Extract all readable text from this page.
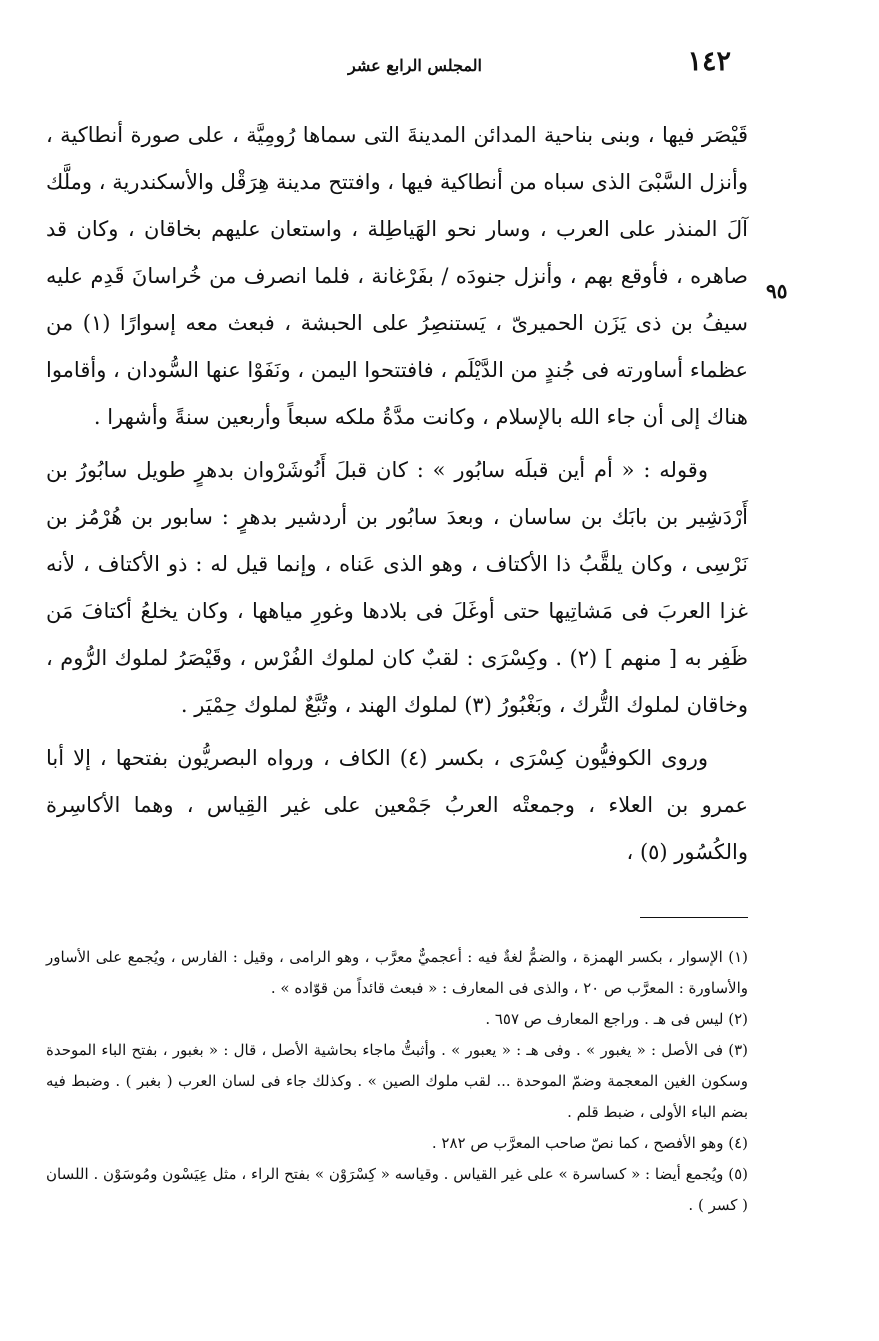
١٤٢
المجلس الرابع عشر
٩٥

قَيْصَر فيها ، وبنى بناحية المدائن المدينةَ التى سماها رُومِيَّة ، على صورة أنطاكية ، وأنزل السَّبْىَ الذى سباه من أنطاكية فيها ، وافتتح مدينة هِرَقْل والأسكندرية ، وملَّك آلَ المنذر على العرب ، وسار نحو الهَياطِلة ، واستعان عليهم بخاقان ، وكان قد صاهره ، فأوقع بهم ، وأنزل جنودَه / بفَرْغانة ، فلما انصرف من خُراسانَ قَدِم عليه سيفُ بن ذى يَزَن الحميرىّ ، يَستنصِرُ على الحبشة ، فبعث معه إسوارًا (١) من عظماء أساورته فى جُندٍ من الدَّيْلَم ، فافتتحوا اليمن ، ونَفَوْا عنها السُّودان ، وأقاموا هناك إلى أن جاء الله بالإسلام ، وكانت مدَّةُ ملكه سبعاً وأربعين سنةً وأشهرا .

وقوله : « أم أين قبلَه سابُور » : كان قبلَ أَنُوشَرْوان بدهرٍ طويل سابُورُ بن أَرْدَشِير بن بابَك بن ساسان ، وبعدَ سابُور بن أردشير بدهرٍ : سابور بن هُرْمُز بن نَرْسِى ، وكان يلقَّبُ ذا الأكتاف ، وهو الذى عَناه ، وإنما قيل له : ذو الأكتاف ، لأنه غزا العربَ فى مَشاتِيها حتى أوغَلَ فى بلادها وغورِ مياهها ، وكان يخلعُ أكتافَ مَن ظَفِر به [ منهم ] (٢) . وكِسْرَى : لقبٌ كان لملوك الفُرْس ، وقَيْصَرُ لملوك الرُّوم ، وخاقان لملوك التُّرك ، وبَغْبُورُ (٣) لملوك الهند ، وتُبَّعٌ لملوك حِمْيَر .

وروى الكوفيُّون كِسْرَى ، بكسر (٤) الكاف ، ورواه البصريُّون بفتحها ، إلا أبا عمرو بن العلاء ، وجمعتْه العربُ جَمْعين على غير القِياس ، وهما الأكاسِرة والكُسُور (٥) ،

(١) الإسوار ، بكسر الهمزة ، والضمُّ لغةٌ فيه : أعجميٌّ معرَّب ، وهو الرامى ، وقيل : الفارس ، ويُجمع على الأساور والأساورة : المعرَّب ص ٢٠ ، والذى فى المعارف : « فبعث قائداً من قوّاده » .

(٢) ليس فى هـ . وراجع المعارف ص ٦٥٧ .

(٣) فى الأصل : « يغبور » . وفى هـ : « يعبور » . وأثبتُّ ماجاء بحاشية الأصل ، قال : « بغبور ، بفتح الباء الموحدة وسكون الغين المعجمة وضمّ الموحدة ... لقب ملوك الصين » . وكذلك جاء فى لسان العرب ( بغبر ) . وضبط فيه بضم الباء الأولى ، ضبط قلم .

(٤) وهو الأفصح ، كما نصّ صاحب المعرَّب ص ٢٨٢ .

(٥) ويُجمع أيضا : « كساسرة » على غير القياس . وقياسه « كِسْرَوْن » بفتح الراء ، مثل عِيَسْون ومُوسَوْن . اللسان ( كسر ) .
